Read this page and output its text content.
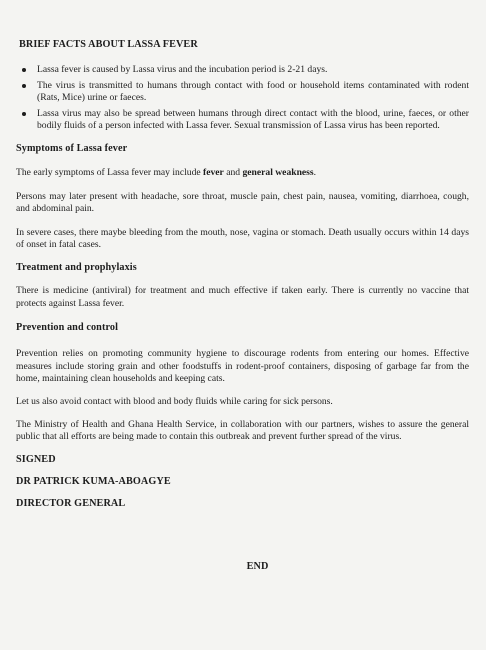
BRIEF FACTS ABOUT LASSA FEVER

Lassa fever is caused by Lassa virus and the incubation period is 2-21 days.
The virus is transmitted to humans through contact with food or household items contaminated with rodent (Rats, Mice) urine or faeces.
Lassa virus may also be spread between humans through direct contact with the blood, urine, faeces, or other bodily fluids of a person infected with Lassa fever. Sexual transmission of Lassa virus has been reported.

Symptoms of Lassa fever

The early symptoms of Lassa fever may include fever and general weakness.

Persons may later present with headache, sore throat, muscle pain, chest pain, nausea, vomiting, diarrhoea, cough, and abdominal pain.

In severe cases, there maybe bleeding from the mouth, nose, vagina or stomach. Death usually occurs within 14 days of onset in fatal cases.

Treatment and prophylaxis

There is medicine (antiviral) for treatment and much effective if taken early. There is currently no vaccine that protects against Lassa fever.

Prevention and control

Prevention relies on promoting community hygiene to discourage rodents from entering our homes. Effective measures include storing grain and other foodstuffs in rodent-proof containers, disposing of garbage far from the home, maintaining clean households and keeping cats.

Let us also avoid contact with blood and body fluids while caring for sick persons.

The Ministry of Health and Ghana Health Service, in collaboration with our partners, wishes to assure the general public that all efforts are being made to contain this outbreak and prevent further spread of the virus.

SIGNED

DR PATRICK KUMA-ABOAGYE

DIRECTOR GENERAL

END
